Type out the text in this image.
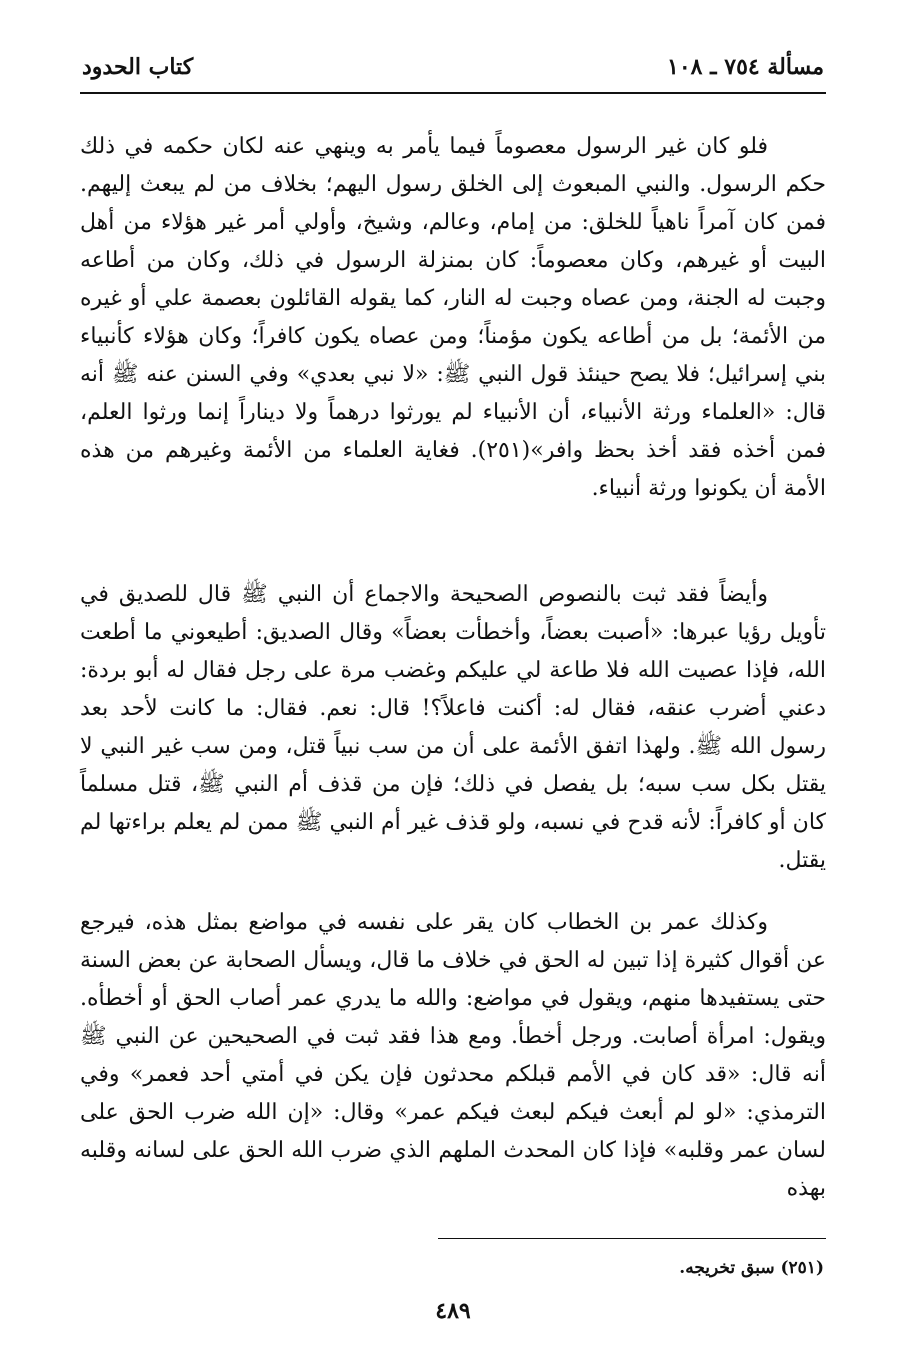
مسألة ٧٥٤ ـ ١٠٨
كتاب الحدود

فلو كان غير الرسول معصوماً فيما يأمر به وينهي عنه لكان حكمه في ذلك حكم الرسول. والنبي المبعوث إلى الخلق رسول اليهم؛ بخلاف من لم يبعث إليهم. فمن كان آمراً ناهياً للخلق: من إمام، وعالم، وشيخ، وأولي أمر غير هؤلاء من أهل البيت أو غيرهم، وكان معصوماً: كان بمنزلة الرسول في ذلك، وكان من أطاعه وجبت له الجنة، ومن عصاه وجبت له النار، كما يقوله القائلون بعصمة علي أو غيره من الأئمة؛ بل من أطاعه يكون مؤمناً؛ ومن عصاه يكون كافراً؛ وكان هؤلاء كأنبياء بني إسرائيل؛ فلا يصح حينئذ قول النبي ﷺ: «لا نبي بعدي» وفي السنن عنه ﷺ أنه قال: «العلماء ورثة الأنبياء، أن الأنبياء لم يورثوا درهماً ولا ديناراً إنما ورثوا العلم، فمن أخذه فقد أخذ بحظ وافر»(٢٥١). فغاية العلماء من الأئمة وغيرهم من هذه الأمة أن يكونوا ورثة أنبياء.

وأيضاً فقد ثبت بالنصوص الصحيحة والاجماع أن النبي ﷺ قال للصديق في تأويل رؤيا عبرها: «أصبت بعضاً، وأخطأت بعضاً» وقال الصديق: أطيعوني ما أطعت الله، فإذا عصيت الله فلا طاعة لي عليكم وغضب مرة على رجل فقال له أبو بردة: دعني أضرب عنقه، فقال له: أكنت فاعلاً؟! قال: نعم. فقال: ما كانت لأحد بعد رسول الله ﷺ. ولهذا اتفق الأئمة على أن من سب نبياً قتل، ومن سب غير النبي لا يقتل بكل سب سبه؛ بل يفصل في ذلك؛ فإن من قذف أم النبي ﷺ، قتل مسلماً كان أو كافراً: لأنه قدح في نسبه، ولو قذف غير أم النبي ﷺ ممن لم يعلم براءتها لم يقتل.

وكذلك عمر بن الخطاب كان يقر على نفسه في مواضع بمثل هذه، فيرجع عن أقوال كثيرة إذا تبين له الحق في خلاف ما قال، ويسأل الصحابة عن بعض السنة حتى يستفيدها منهم، ويقول في مواضع: والله ما يدري عمر أصاب الحق أو أخطأه. ويقول: امرأة أصابت. ورجل أخطأ. ومع هذا فقد ثبت في الصحيحين عن النبي ﷺ أنه قال: «قد كان في الأمم قبلكم محدثون فإن يكن في أمتي أحد فعمر» وفي الترمذي: «لو لم أبعث فيكم لبعث فيكم عمر» وقال: «إن الله ضرب الحق على لسان عمر وقلبه» فإذا كان المحدث الملهم الذي ضرب الله الحق على لسانه وقلبه بهذه

(٢٥١) سبق تخريجه.
٤٨٩
